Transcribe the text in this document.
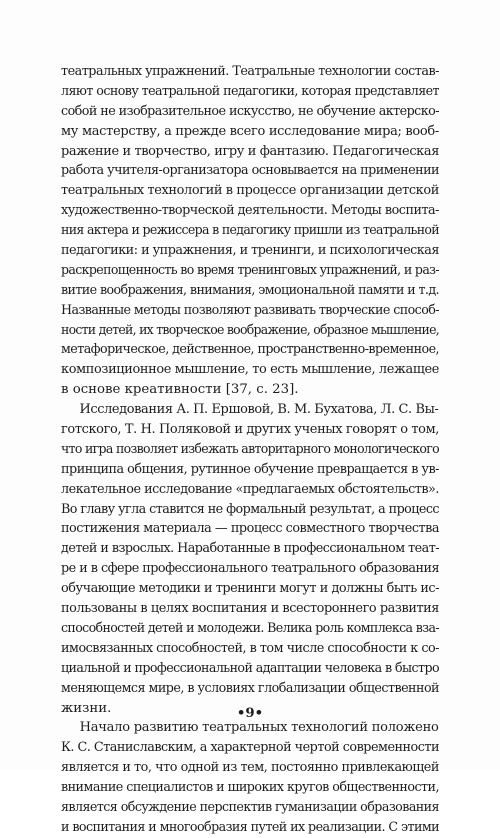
театральных упражнений. Театральные технологии состав-
ляют основу театральной педагогики, которая представляет
собой не изобразительное искусство, не обучение актерско-
му мастерству, а прежде всего исследование мира; вооб-
ражение и творчество, игру и фантазию. Педагогическая
работа учителя-организатора основывается на применении
театральных технологий в процессе организации детской
художественно-творческой деятельности. Методы воспита-
ния актера и режиссера в педагогику пришли из театральной
педагогики: и упражнения, и тренинги, и психологическая
раскрепощенность во время тренинговых упражнений, и раз-
витие воображения, внимания, эмоциональной памяти и т.д.
Названные методы позволяют развивать творческие способ-
ности детей, их творческое воображение, образное мышление,
метафорическое, действенное, пространственно-временное,
композиционное мышление, то есть мышление, лежащее
в основе креативности [37, с. 23].
Исследования А. П. Ершовой, В. М. Бухатова, Л. С. Вы-
готского, Т. Н. Поляковой и других ученых говорят о том,
что игра позволяет избежать авторитарного монологического
принципа общения, рутинное обучение превращается в ув-
лекательное исследование «предлагаемых обстоятельств».
Во главу угла ставится не формальный результат, а процесс
постижения материала — процесс совместного творчества
детей и взрослых. Наработанные в профессиональном теат-
ре и в сфере профессионального театрального образования
обучающие методики и тренинги могут и должны быть ис-
пользованы в целях воспитания и всестороннего развития
способностей детей и молодежи. Велика роль комплекса вза-
имосвязанных способностей, в том числе способности к со-
циальной и профессиональной адаптации человека в быстро
меняющемся мире, в условиях глобализации общественной
жизни.
Начало развитию театральных технологий положено
К. С. Станиславским, а характерной чертой современности
является и то, что одной из тем, постоянно привлекающей
внимание специалистов и широких кругов общественности,
является обсуждение перспектив гуманизации образования
и воспитания и многообразия путей их реализации. С этими
•9•
